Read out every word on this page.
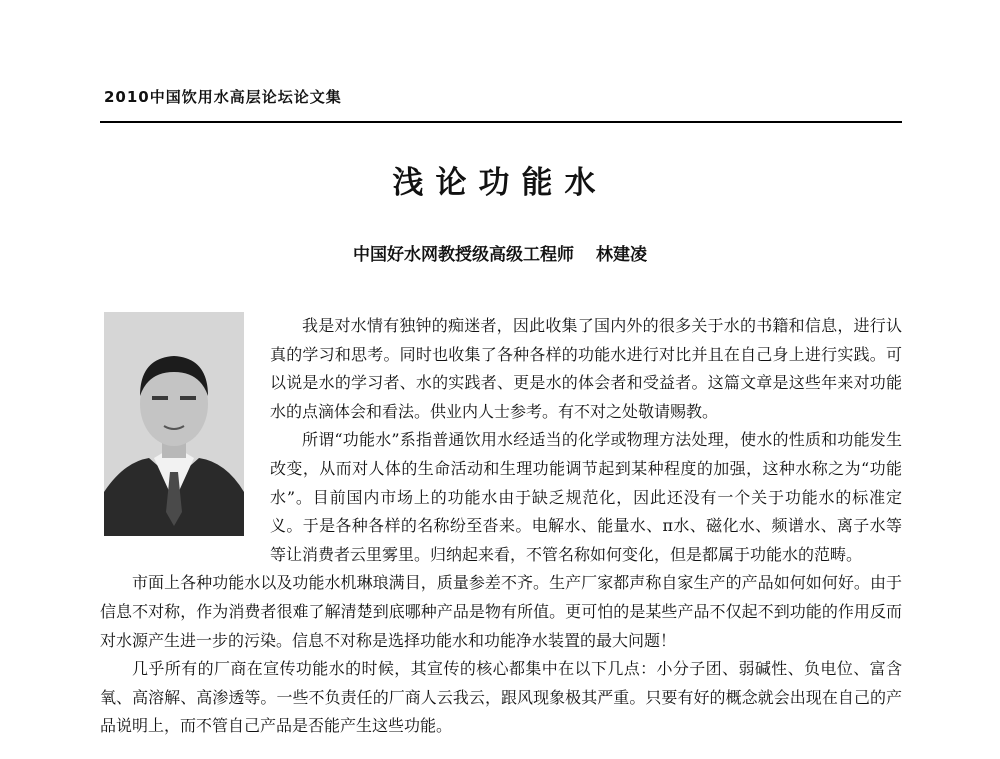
2010中国饮用水高层论坛论文集
浅论功能水
中国好水网教授级高级工程师 林建凌

我是对水情有独钟的痴迷者，因此收集了国内外的很多关于水的书籍和信息，进行认真的学习和思考。同时也收集了各种各样的功能水进行对比并且在自己身上进行实践。可以说是水的学习者、水的实践者、更是水的体会者和受益者。这篇文章是这些年来对功能水的点滴体会和看法。供业内人士参考。有不对之处敬请赐教。

所谓“功能水”系指普通饮用水经适当的化学或物理方法处理，使水的性质和功能发生改变，从而对人体的生命活动和生理功能调节起到某种程度的加强，这种水称之为“功能水”。目前国内市场上的功能水由于缺乏规范化，因此还没有一个关于功能水的标准定义。于是各种各样的名称纷至沓来。电解水、能量水、π水、磁化水、频谱水、离子水等等让消费者云里雾里。归纳起来看，不管名称如何变化，但是都属于功能水的范畴。

市面上各种功能水以及功能水机琳琅满目，质量参差不齐。生产厂家都声称自家生产的产品如何如何好。由于信息不对称，作为消费者很难了解清楚到底哪种产品是物有所值。更可怕的是某些产品不仅起不到功能的作用反而对水源产生进一步的污染。信息不对称是选择功能水和功能净水装置的最大问题！

几乎所有的厂商在宣传功能水的时候，其宣传的核心都集中在以下几点：小分子团、弱碱性、负电位、富含氧、高溶解、高渗透等。一些不负责任的厂商人云我云，跟风现象极其严重。只要有好的概念就会出现在自己的产品说明上，而不管自己产品是否能产生这些功能。
